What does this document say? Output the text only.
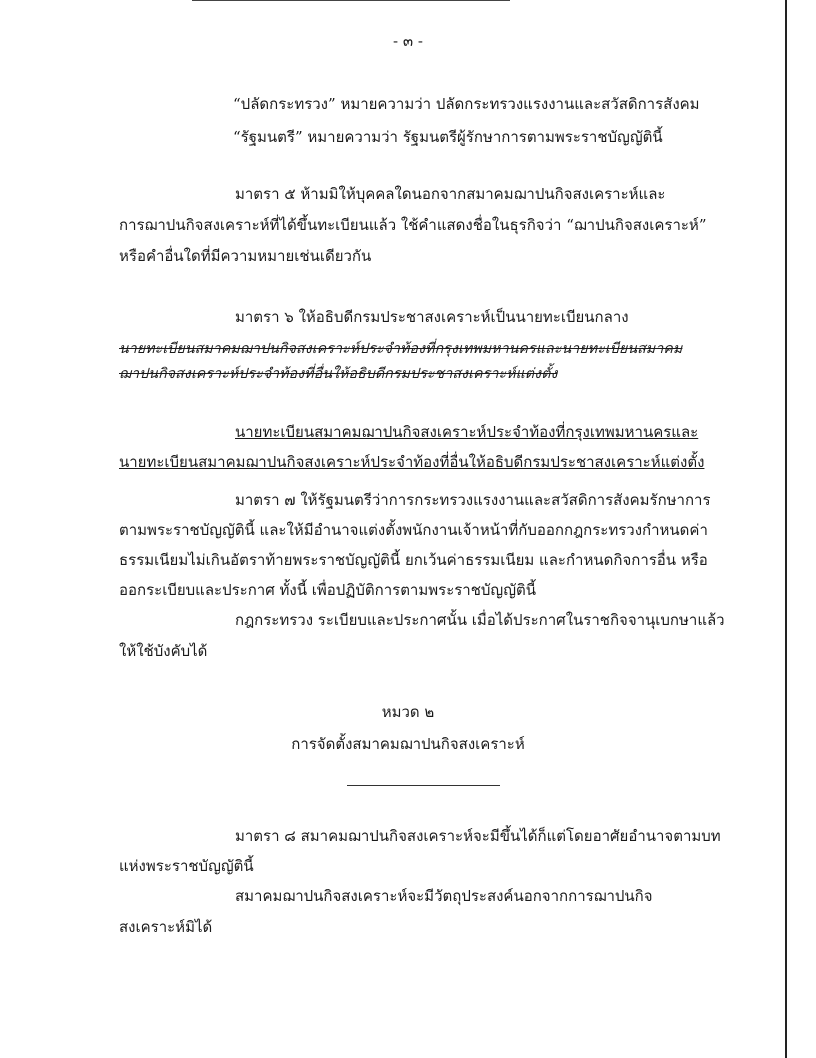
- ๓ -
“ปลัดกระทรวง” หมายความว่า ปลัดกระทรวงแรงงานและสวัสดิการสังคม
“รัฐมนตรี” หมายความว่า รัฐมนตรีผู้รักษาการตามพระราชบัญญัตินี้
มาตรา ๕ ห้ามมิให้บุคคลใดนอกจากสมาคมฌาปนกิจสงเคราะห์และ
การฌาปนกิจสงเคราะห์ที่ได้ขึ้นทะเบียนแล้ว ใช้คำแสดงชื่อในธุรกิจว่า “ฌาปนกิจสงเคราะห์”
หรือคำอื่นใดที่มีความหมายเช่นเดียวกัน
มาตรา ๖ ให้อธิบดีกรมประชาสงเคราะห์เป็นนายทะเบียนกลาง
นายทะเบียนสมาคมฌาปนกิจสงเคราะห์ประจำท้องที่กรุงเทพมหานครและนายทะเบียนสมาคม
ฌาปนกิจสงเคราะห์ประจำท้องที่อื่นให้อธิบดีกรมประชาสงเคราะห์แต่งตั้ง
นายทะเบียนสมาคมฌาปนกิจสงเคราะห์ประจำท้องที่กรุงเทพมหานครและ
นายทะเบียนสมาคมฌาปนกิจสงเคราะห์ประจำท้องที่อื่นให้อธิบดีกรมประชาสงเคราะห์แต่งตั้ง
มาตรา ๗ ให้รัฐมนตรีว่าการกระทรวงแรงงานและสวัสดิการสังคมรักษาการ
ตามพระราชบัญญัตินี้ และให้มีอำนาจแต่งตั้งพนักงานเจ้าหน้าที่กับออกกฎกระทรวงกำหนดค่า
ธรรมเนียมไม่เกินอัตราท้ายพระราชบัญญัตินี้ ยกเว้นค่าธรรมเนียม และกำหนดกิจการอื่น หรือ
ออกระเบียบและประกาศ ทั้งนี้ เพื่อปฏิบัติการตามพระราชบัญญัตินี้
กฎกระทรวง ระเบียบและประกาศนั้น เมื่อได้ประกาศในราชกิจจานุเบกษาแล้ว
ให้ใช้บังคับได้
หมวด ๒
การจัดตั้งสมาคมฌาปนกิจสงเคราะห์
มาตรา ๘ สมาคมฌาปนกิจสงเคราะห์จะมีขึ้นได้ก็แต่โดยอาศัยอำนาจตามบท
แห่งพระราชบัญญัตินี้
สมาคมฌาปนกิจสงเคราะห์จะมีวัตถุประสงค์นอกจากการฌาปนกิจ
สงเคราะห์มิได้
